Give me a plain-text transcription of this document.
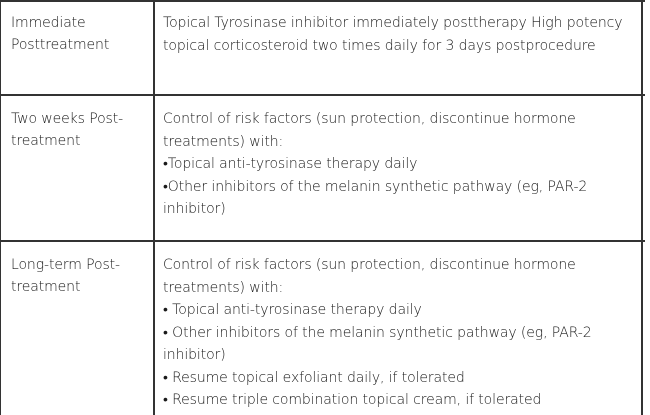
Immediate Posttreatment
Topical Tyrosinase inhibitor immediately posttherapy High potency topical corticosteroid two times daily for 3 days postprocedure
Two weeks Post-treatment
Control of risk factors (sun protection, discontinue hormone treatments) with:
•Topical anti-tyrosinase therapy daily
•Other inhibitors of the melanin synthetic pathway (eg, PAR-2 inhibitor)
Long-term Post-treatment
Control of risk factors (sun protection, discontinue hormone treatments) with:
• Topical anti-tyrosinase therapy daily
• Other inhibitors of the melanin synthetic pathway (eg, PAR-2 inhibitor)
• Resume topical exfoliant daily, if tolerated
• Resume triple combination topical cream, if tolerated
